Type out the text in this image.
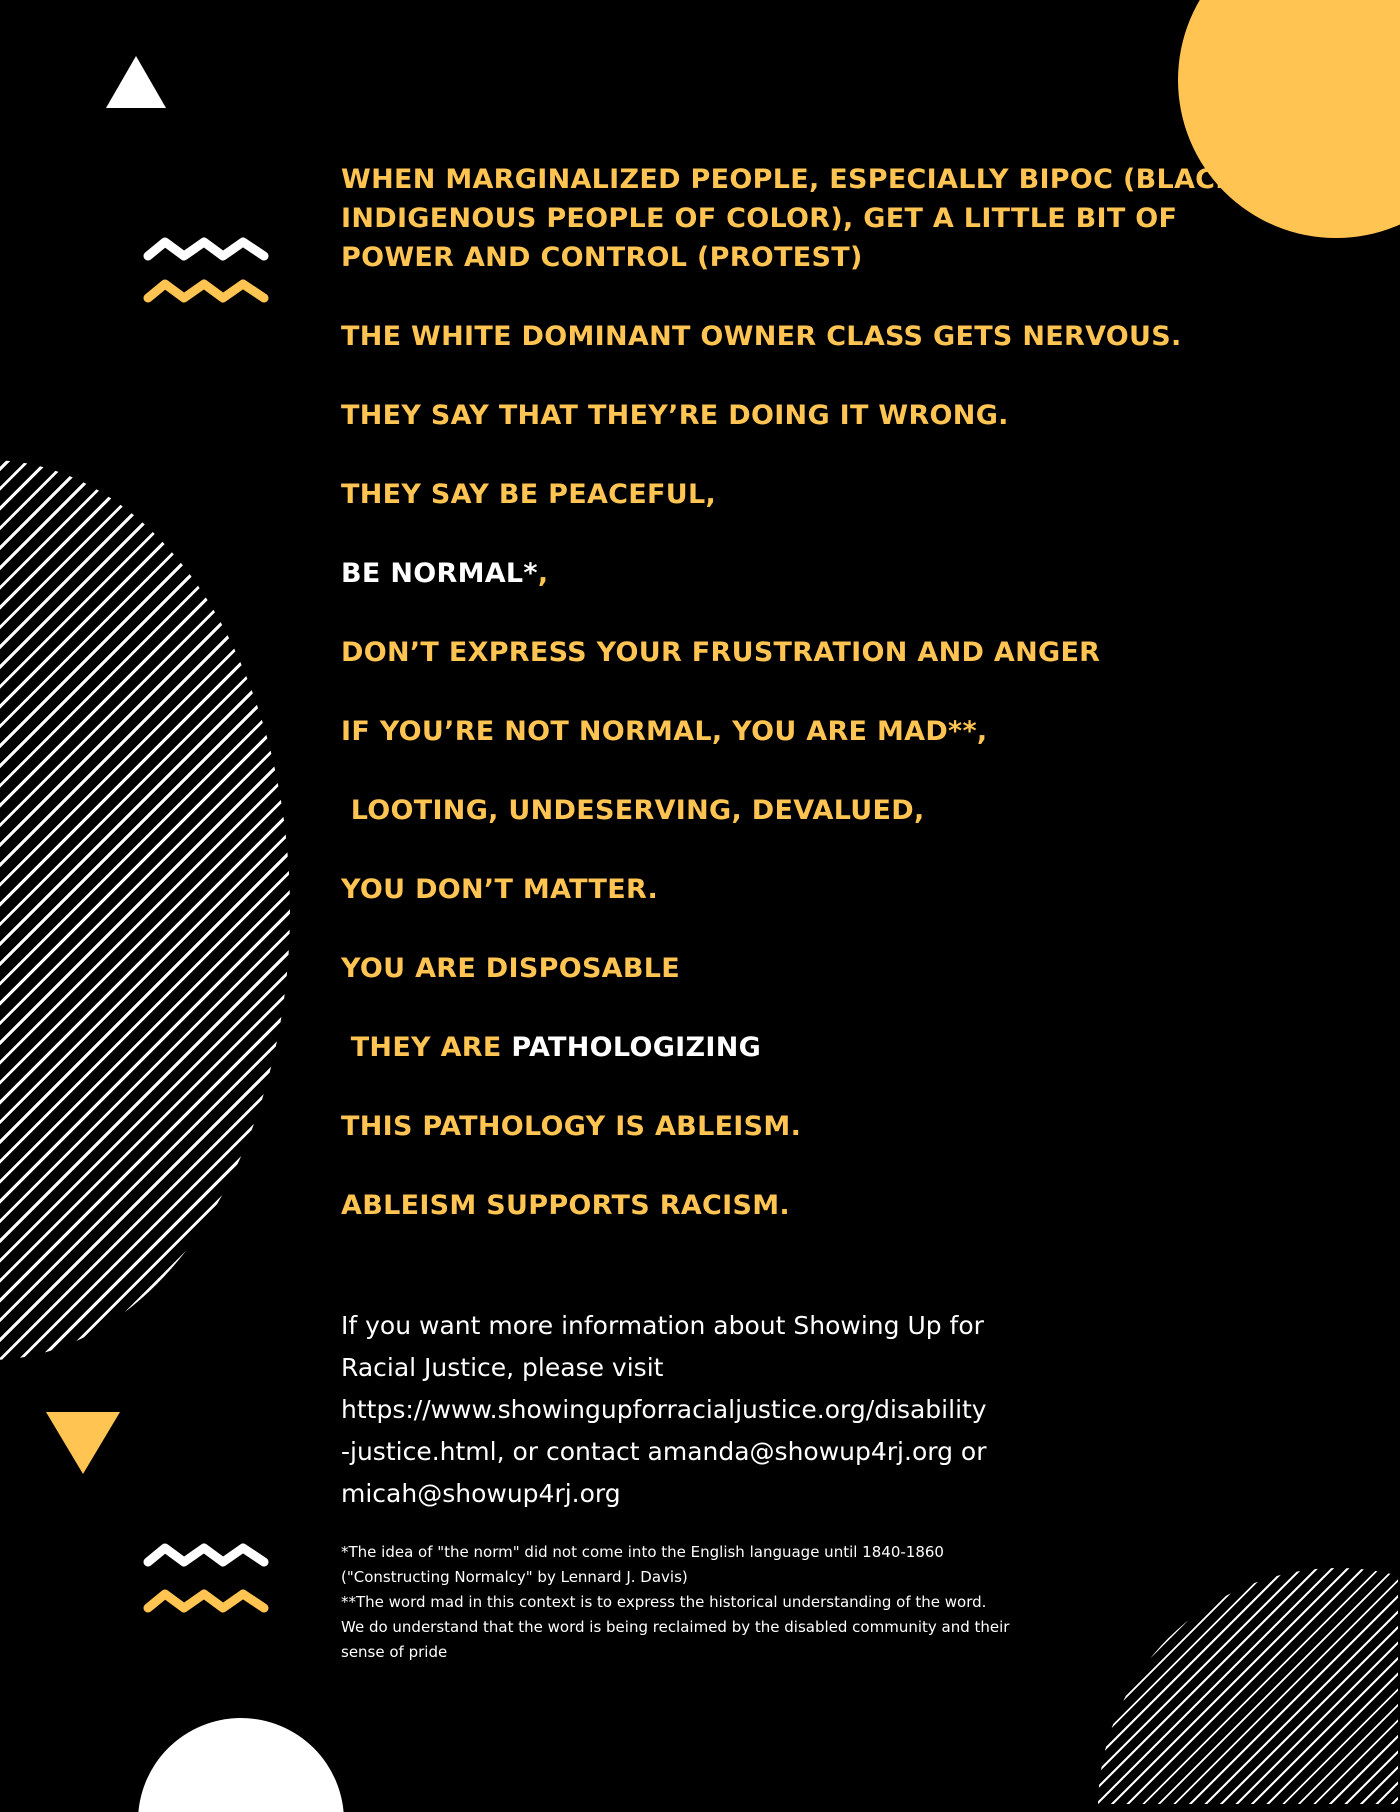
WHEN MARGINALIZED PEOPLE, ESPECIALLY BIPOC (BLACK INDIGENOUS PEOPLE OF COLOR), GET A LITTLE BIT OF POWER AND CONTROL (PROTEST)
THE WHITE DOMINANT OWNER CLASS GETS NERVOUS.
THEY SAY THAT THEY’RE DOING IT WRONG.
THEY SAY BE PEACEFUL,
BE NORMAL*,
DON’T EXPRESS YOUR FRUSTRATION AND ANGER
IF YOU’RE NOT NORMAL, YOU ARE MAD**,
LOOTING, UNDESERVING, DEVALUED,
YOU DON’T MATTER.
YOU ARE DISPOSABLE
THEY ARE PATHOLOGIZING
THIS PATHOLOGY IS ABLEISM.
ABLEISM SUPPORTS RACISM.
If you want more information about Showing Up for
Racial Justice, please visit
https://www.showingupforracialjustice.org/disability
-justice.html, or contact amanda@showup4rj.org or
micah@showup4rj.org
*The idea of "the norm" did not come into the English language until 1840-1860
("Constructing Normalcy" by Lennard J. Davis)
**The word mad in this context is to express the historical understanding of the word.
We do understand that the word is being reclaimed by the disabled community and their
sense of pride
